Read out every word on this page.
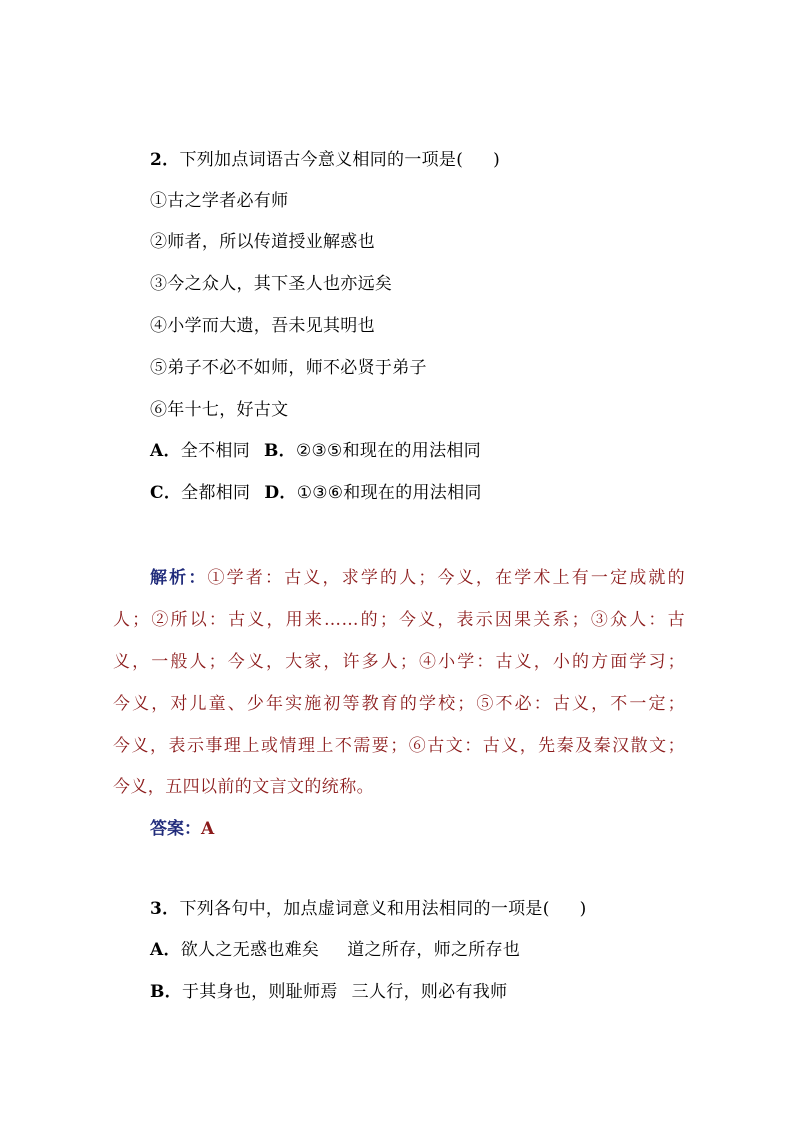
2．下列加点词语古今意义相同的一项是( )
①古之学者必有师
②师者，所以传道授业解惑也
③今之众人，其下圣人也亦远矣
④小学而大遗，吾未见其明也
⑤弟子不必不如师，师不必贤于弟子
⑥年十七，好古文
A．全不相同 B．②③⑤和现在的用法相同
C．全都相同 D．①③⑥和现在的用法相同
解析：①学者：古义，求学的人；今义，在学术上有一定成就的
人；②所以：古义，用来……的；今义，表示因果关系；③众人：古
义，一般人；今义，大家，许多人；④小学：古义，小的方面学习；
今义，对儿童、少年实施初等教育的学校；⑤不必：古义，不一定；
今义，表示事理上或情理上不需要；⑥古文：古义，先秦及秦汉散文；
今义，五四以前的文言文的统称。
答案：A
3．下列各句中，加点虚词意义和用法相同的一项是( )
A．欲人之无惑也难矣 道之所存，师之所存也
B．于其身也，则耻师焉 三人行，则必有我师
